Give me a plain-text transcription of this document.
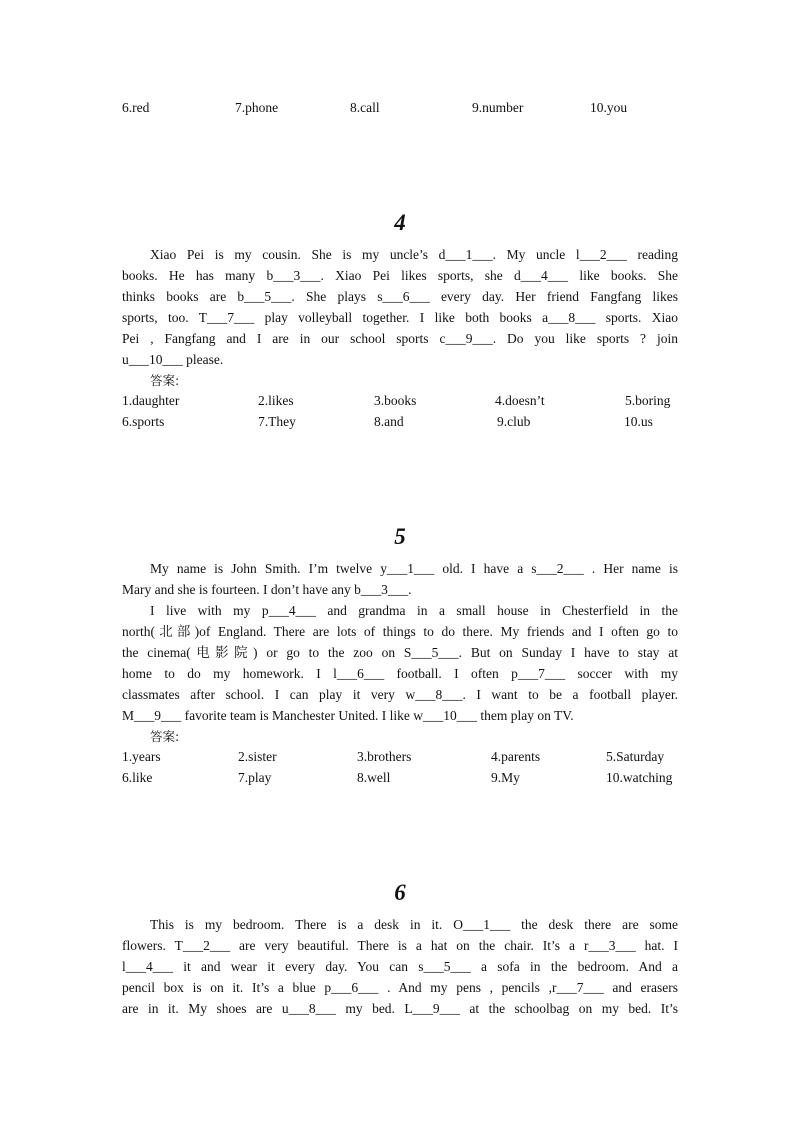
6.red	7.phone	8.call	9.number	10.you
4
Xiao Pei is my cousin. She is my uncle’s d___1___. My uncle l___2___ reading
books. He has many b___3___. Xiao Pei likes sports, she d___4___ like books. She
thinks books are b___5___. She plays s___6___ every day. Her friend Fangfang likes
sports, too. T___7___ play volleyball together. I like both books a___8___ sports. Xiao
Pei , Fangfang and I are in our school sports c___9___. Do you like sports ? join
u___10___ please.
答案:
1.daughter	2.likes	3.books	4.doesn’t	5.boring
6.sports	7.They	8.and	9.club	10.us
5
My name is John Smith. I’m twelve y___1___ old. I have a s___2___ . Her name is
Mary and she is fourteen. I don’t have any b___3___.
I live with my p___4___ and grandma in a small house in Chesterfield in the
north(北部)of England. There are lots of things to do there. My friends and I often go to
the cinema(电影院) or go to the zoo on S___5___. But on Sunday I have to stay at
home to do my homework. I l___6___ football. I often p___7___ soccer with my
classmates after school. I can play it very w___8___. I want to be a football player.
M___9___ favorite team is Manchester United. I like w___10___ them play on TV.
答案:
1.years	2.sister	3.brothers	4.parents	5.Saturday
6.like	7.play	8.well	9.My	10.watching
6
This is my bedroom. There is a desk in it. O___1___ the desk there are some
flowers. T___2___ are very beautiful. There is a hat on the chair. It’s a r___3___ hat. I
l___4___ it and wear it every day. You can s___5___ a sofa in the bedroom. And a
pencil box is on it. It’s a blue p___6___ . And my pens , pencils ,r___7___ and erasers
are in it. My shoes are u___8___ my bed. L___9___ at the schoolbag on my bed. It’s
